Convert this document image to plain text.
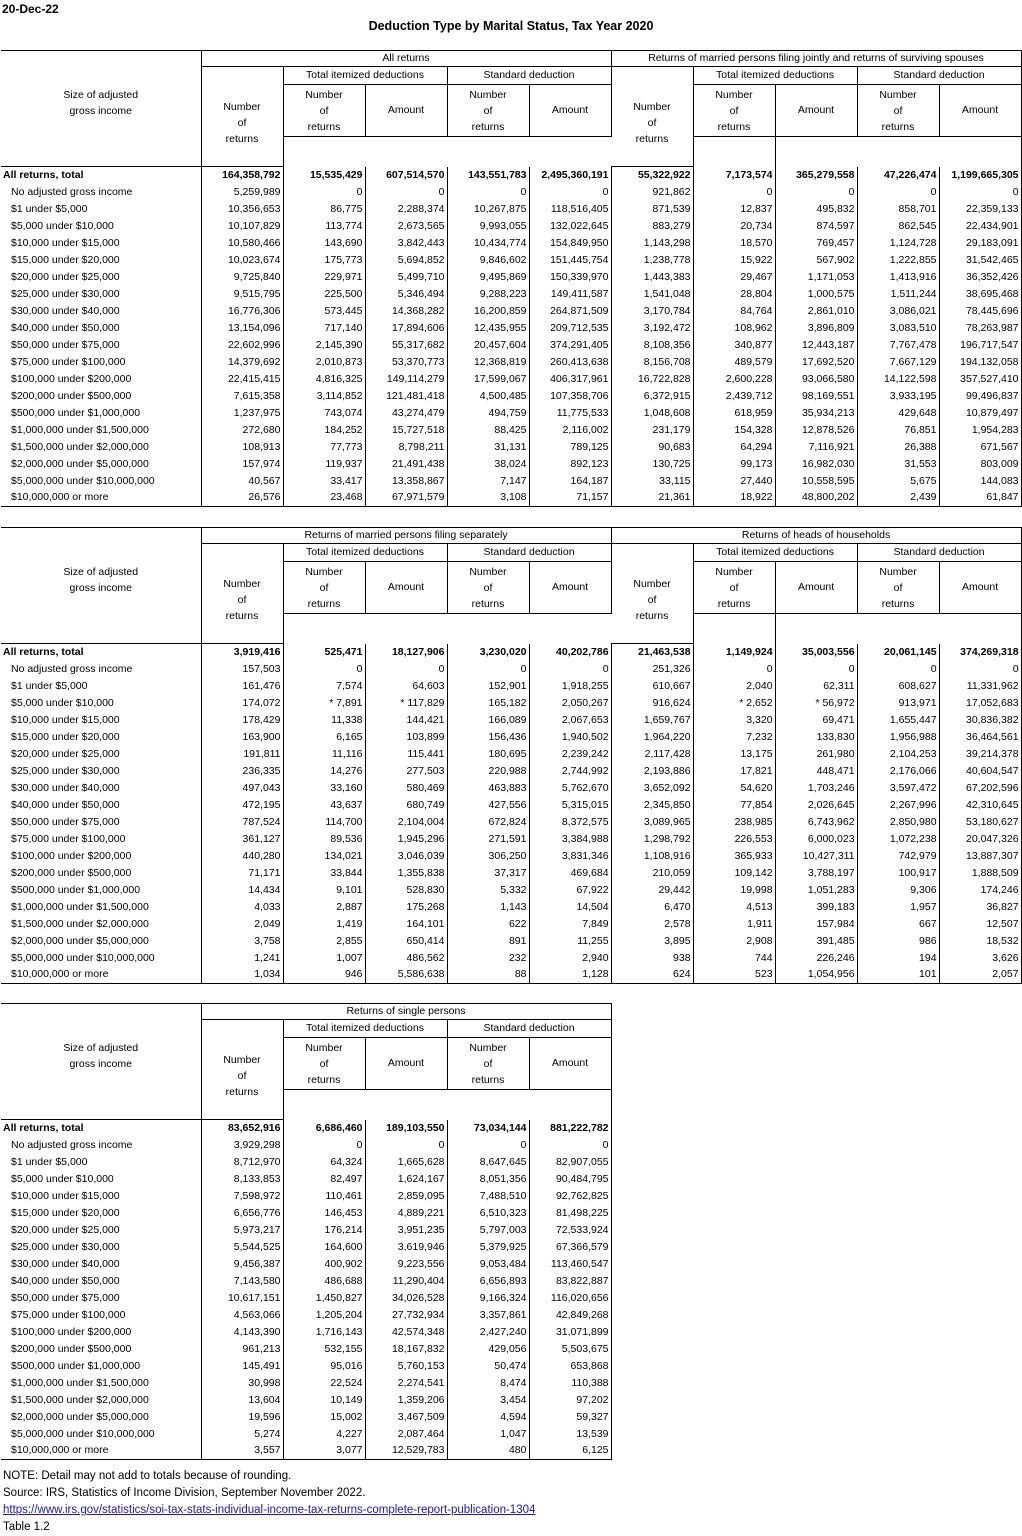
20-Dec-22
Deduction Type by Marital Status, Tax Year 2020
Size of adjusted gross income	All returns					Returns of married persons filing jointly and returns of surviving spouses					

	Number of returns	Total itemized deductions		Standard deduction		Number of returns	Total itemized deductions		Standard deduction		

		Number of returns	Amount	Number of returns	Amount		Number of returns	Amount	Number of returns	Amount	

All returns, total	164,358,792	15,535,429	607,514,570	143,551,783	2,495,360,191	55,322,922	7,173,574	365,279,558	47,226,474	1,199,665,305	
No adjusted gross income	5,259,989	0	0	0	0	921,862	0	0	0	0	
$1 under $5,000	10,356,653	86,775	2,288,374	10,267,875	118,516,405	871,539	12,837	495,832	858,701	22,359,133	
$5,000 under $10,000	10,107,829	113,774	2,673,565	9,993,055	132,022,645	883,279	20,734	874,597	862,545	22,434,901	
$10,000 under $15,000	10,580,466	143,690	3,842,443	10,434,774	154,849,950	1,143,298	18,570	769,457	1,124,728	29,183,091	
$15,000 under $20,000	10,023,674	175,773	5,694,852	9,846,602	151,445,754	1,238,778	15,922	567,902	1,222,855	31,542,465	
$20,000 under $25,000	9,725,840	229,971	5,499,710	9,495,869	150,339,970	1,443,383	29,467	1,171,053	1,413,916	36,352,426	
$25,000 under $30,000	9,515,795	225,500	5,346,494	9,288,223	149,411,587	1,541,048	28,804	1,000,575	1,511,244	38,695,468	
$30,000 under $40,000	16,776,306	573,445	14,368,282	16,200,859	264,871,509	3,170,784	84,764	2,861,010	3,086,021	78,445,696	
$40,000 under $50,000	13,154,096	717,140	17,894,606	12,435,955	209,712,535	3,192,472	108,962	3,896,809	3,083,510	78,263,987	
$50,000 under $75,000	22,602,996	2,145,390	55,317,682	20,457,604	374,291,405	8,108,356	340,877	12,443,187	7,767,478	196,717,547	
$75,000 under $100,000	14,379,692	2,010,873	53,370,773	12,368,819	260,413,638	8,156,708	489,579	17,692,520	7,667,129	194,132,058	
$100,000 under $200,000	22,415,415	4,816,325	149,114,279	17,599,067	406,317,961	16,722,828	2,600,228	93,066,580	14,122,598	357,527,410	
$200,000 under $500,000	7,615,358	3,114,852	121,481,418	4,500,485	107,358,706	6,372,915	2,439,712	98,169,551	3,933,195	99,496,837	
$500,000 under $1,000,000	1,237,975	743,074	43,274,479	494,759	11,775,533	1,048,608	618,959	35,934,213	429,648	10,879,497	
$1,000,000 under $1,500,000	272,680	184,252	15,727,518	88,425	2,116,002	231,179	154,328	12,878,526	76,851	1,954,283	
$1,500,000 under $2,000,000	108,913	77,773	8,798,211	31,131	789,125	90,683	64,294	7,116,921	26,388	671,567	
$2,000,000 under $5,000,000	157,974	119,937	21,491,438	38,024	892,123	130,725	99,173	16,982,030	31,553	803,009	
$5,000,000 under $10,000,000	40,567	33,417	13,358,867	7,147	164,187	33,115	27,440	10,558,595	5,675	144,083	
$10,000,000 or more	26,576	23,468	67,971,579	3,108	71,157	21,361	18,922	48,800,202	2,439	61,847	
Size of adjusted gross income	Returns of married persons filing separately					Returns of heads of households					

	Number of returns	Total itemized deductions		Standard deduction		Number of returns	Total itemized deductions		Standard deduction		

		Number of returns	Amount	Number of returns	Amount		Number of returns	Amount	Number of returns	Amount	

All returns, total	3,919,416	525,471	18,127,906	3,230,020	40,202,786	21,463,538	1,149,924	35,003,556	20,061,145	374,269,318	
No adjusted gross income	157,503	0	0	0	0	251,326	0	0	0	0	
$1 under $5,000	161,476	7,574	64,603	152,901	1,918,255	610,667	2,040	62,311	608,627	11,331,962	
$5,000 under $10,000	174,072	* 7,891	* 117,829	165,182	2,050,267	916,624	* 2,652	* 56,972	913,971	17,052,683	
$10,000 under $15,000	178,429	11,338	144,421	166,089	2,067,653	1,659,767	3,320	69,471	1,655,447	30,836,382	
$15,000 under $20,000	163,900	6,165	103,899	156,436	1,940,502	1,964,220	7,232	133,830	1,956,988	36,464,561	
$20,000 under $25,000	191,811	11,116	115,441	180,695	2,239,242	2,117,428	13,175	261,980	2,104,253	39,214,378	
$25,000 under $30,000	236,335	14,276	277,503	220,988	2,744,992	2,193,886	17,821	448,471	2,176,066	40,604,547	
$30,000 under $40,000	497,043	33,160	580,469	463,883	5,762,670	3,652,092	54,620	1,703,246	3,597,472	67,202,596	
$40,000 under $50,000	472,195	43,637	680,749	427,556	5,315,015	2,345,850	77,854	2,026,645	2,267,996	42,310,645	
$50,000 under $75,000	787,524	114,700	2,104,004	672,824	8,372,575	3,089,965	238,985	6,743,962	2,850,980	53,180,627	
$75,000 under $100,000	361,127	89,536	1,945,296	271,591	3,384,988	1,298,792	226,553	6,000,023	1,072,238	20,047,326	
$100,000 under $200,000	440,280	134,021	3,046,039	306,250	3,831,346	1,108,916	365,933	10,427,311	742,979	13,887,307	
$200,000 under $500,000	71,171	33,844	1,355,838	37,317	469,684	210,059	109,142	3,788,197	100,917	1,888,509	
$500,000 under $1,000,000	14,434	9,101	528,830	5,332	67,922	29,442	19,998	1,051,283	9,306	174,246	
$1,000,000 under $1,500,000	4,033	2,887	175,268	1,143	14,504	6,470	4,513	399,183	1,957	36,827	
$1,500,000 under $2,000,000	2,049	1,419	164,101	622	7,849	2,578	1,911	157,984	667	12,507	
$2,000,000 under $5,000,000	3,758	2,855	650,414	891	11,255	3,895	2,908	391,485	986	18,532	
$5,000,000 under $10,000,000	1,241	1,007	486,562	232	2,940	938	744	226,246	194	3,626	
$10,000,000 or more	1,034	946	5,586,638	88	1,128	624	523	1,054,956	101	2,057	
Size of adjusted gross income	Returns of single persons					

	Number of returns	Total itemized deductions		Standard deduction		

		Number of returns	Amount	Number of returns	Amount	

All returns, total	83,652,916	6,686,460	189,103,550	73,034,144	881,222,782	
No adjusted gross income	3,929,298	0	0	0	0	
$1 under $5,000	8,712,970	64,324	1,665,628	8,647,645	82,907,055	
$5,000 under $10,000	8,133,853	82,497	1,624,167	8,051,356	90,484,795	
$10,000 under $15,000	7,598,972	110,461	2,859,095	7,488,510	92,762,825	
$15,000 under $20,000	6,656,776	146,453	4,889,221	6,510,323	81,498,225	
$20,000 under $25,000	5,973,217	176,214	3,951,235	5,797,003	72,533,924	
$25,000 under $30,000	5,544,525	164,600	3,619,946	5,379,925	67,366,579	
$30,000 under $40,000	9,456,387	400,902	9,223,556	9,053,484	113,460,547	
$40,000 under $50,000	7,143,580	486,688	11,290,404	6,656,893	83,822,887	
$50,000 under $75,000	10,617,151	1,450,827	34,026,528	9,166,324	116,020,656	
$75,000 under $100,000	4,563,066	1,205,204	27,732,934	3,357,861	42,849,268	
$100,000 under $200,000	4,143,390	1,716,143	42,574,348	2,427,240	31,071,899	
$200,000 under $500,000	961,213	532,155	18,167,832	429,056	5,503,675	
$500,000 under $1,000,000	145,491	95,016	5,760,153	50,474	653,868	
$1,000,000 under $1,500,000	30,998	22,524	2,274,541	8,474	110,388	
$1,500,000 under $2,000,000	13,604	10,149	1,359,206	3,454	97,202	
$2,000,000 under $5,000,000	19,596	15,002	3,467,509	4,594	59,327	
$5,000,000 under $10,000,000	5,274	4,227	2,087,464	1,047	13,539	
$10,000,000 or more	3,557	3,077	12,529,783	480	6,125	
NOTE: Detail may not add to totals because of rounding.
Source: IRS, Statistics of Income Division, September November 2022.
https://www.irs.gov/statistics/soi-tax-stats-individual-income-tax-returns-complete-report-publication-1304
Table 1.2
